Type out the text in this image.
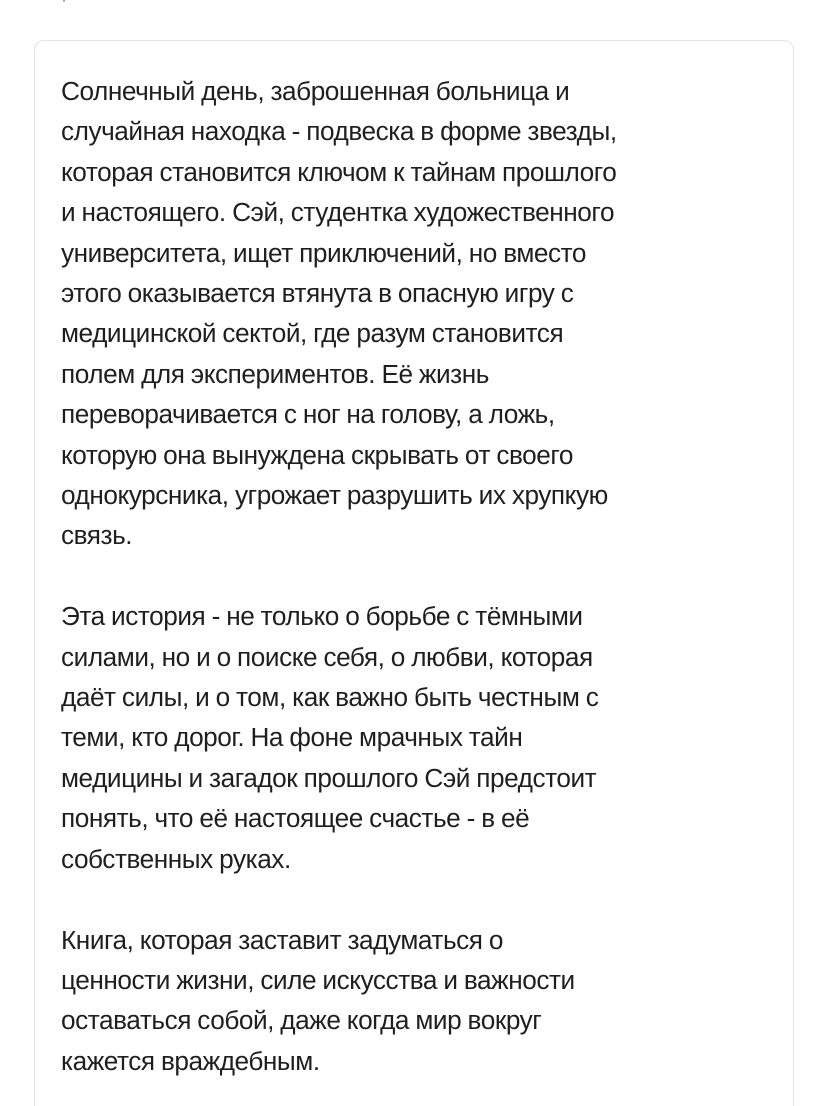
Солнечный день, заброшенная больница и
случайная находка - подвеска в форме звезды,
которая становится ключом к тайнам прошлого
и настоящего. Сэй, студентка художественного
университета, ищет приключений, но вместо
этого оказывается втянута в опасную игру с
медицинской сектой, где разум становится
полем для экспериментов. Её жизнь
переворачивается с ног на голову, а ложь,
которую она вынуждена скрывать от своего
однокурсника, угрожает разрушить их хрупкую
связь.

Эта история - не только о борьбе с тёмными
силами, но и о поиске себя, о любви, которая
даёт силы, и о том, как важно быть честным с
теми, кто дорог. На фоне мрачных тайн
медицины и загадок прошлого Сэй предстоит
понять, что её настоящее счастье - в её
собственных руках.

Книга, которая заставит задуматься о
ценности жизни, силе искусства и важности
оставаться собой, даже когда мир вокруг
кажется враждебным.
